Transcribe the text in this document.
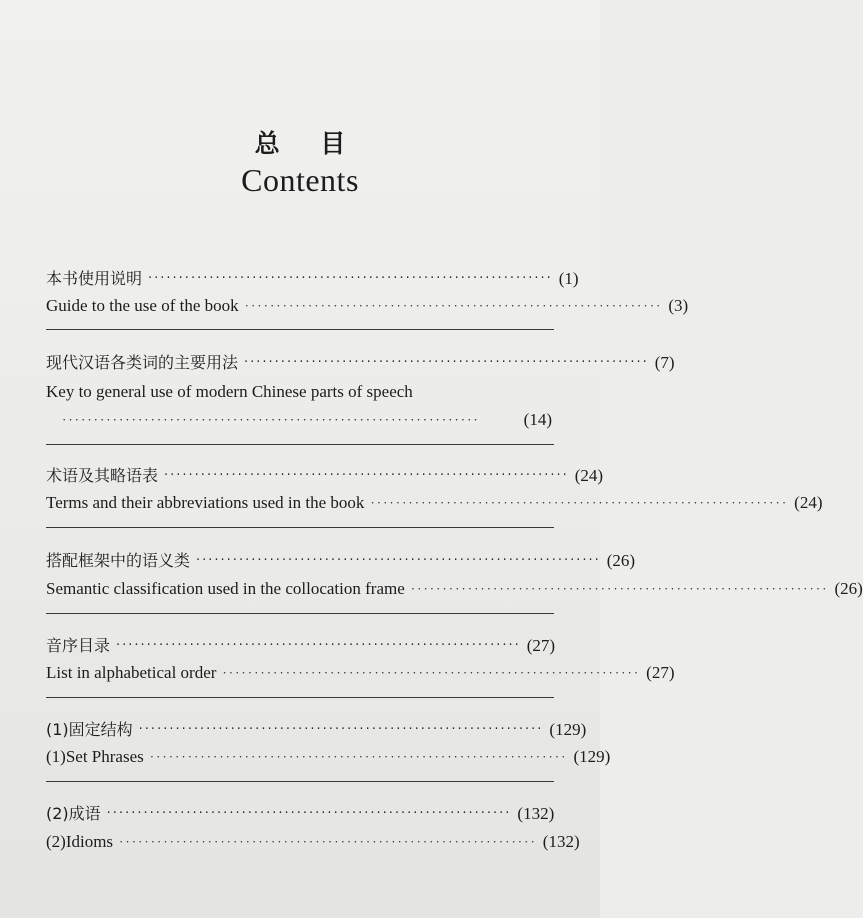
总 目
Contents
本书使用说明 ·································································· (1)
Guide to the use of the book ·································································· (3)
现代汉语各类词的主要用法 ·································································· (7)
Key to general use of modern Chinese parts of speech
··································································	(14)
术语及其略语表 ·································································· (24)
Terms and their abbreviations used in the book ·································································· (24)
搭配框架中的语义类 ·································································· (26)
Semantic classification used in the collocation frame ·································································· (26)
音序目录 ·································································· (27)
List in alphabetical order ·································································· (27)
(1)固定结构 ·································································· (129)
(1)Set Phrases ·································································· (129)
(2)成语 ·································································· (132)
(2)Idioms ·································································· (132)
